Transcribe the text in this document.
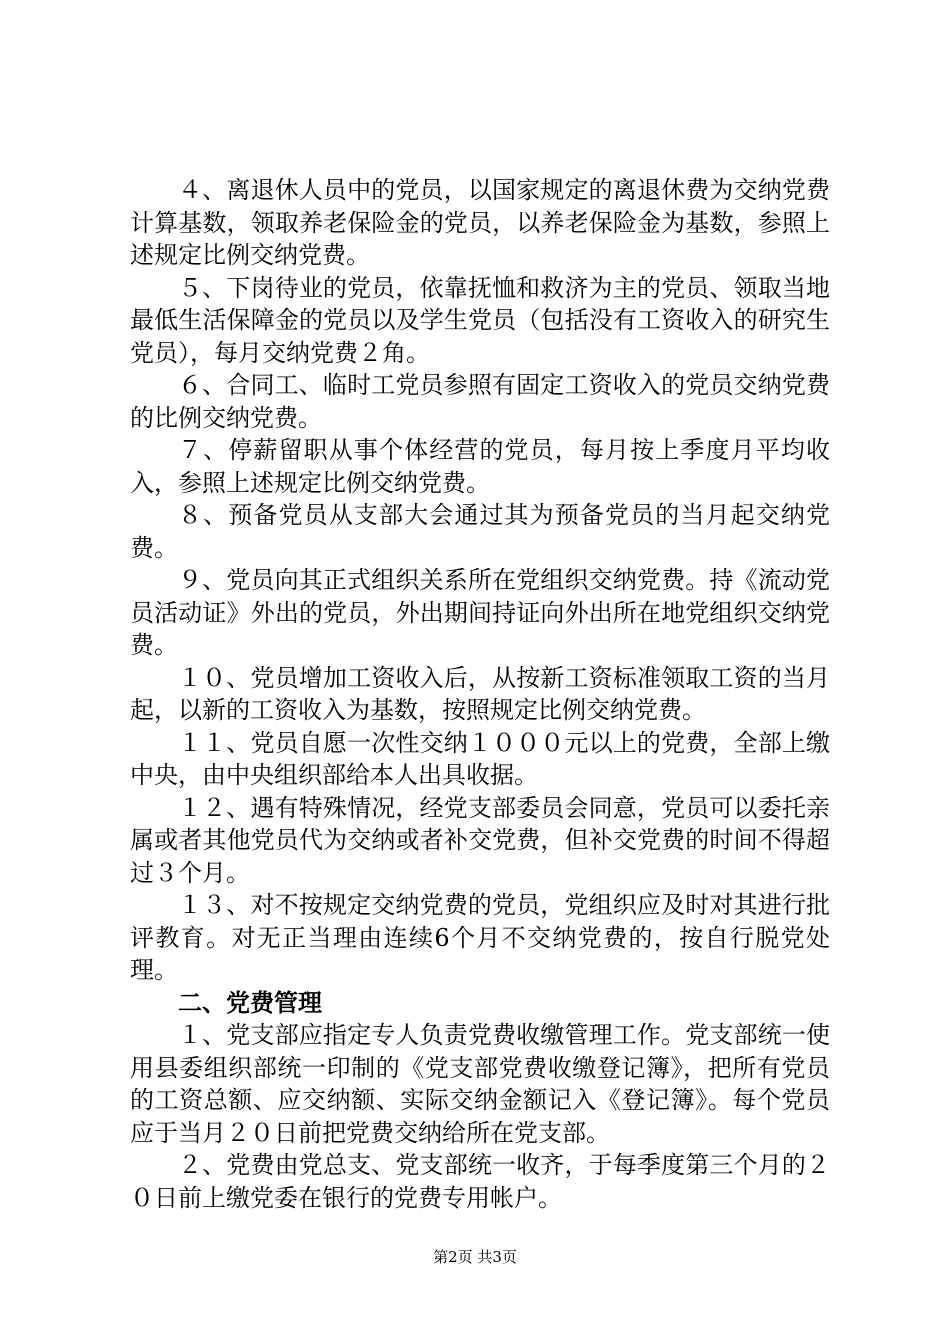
４、离退休人员中的党员，以国家规定的离退休费为交纳党费计算基数，领取养老保险金的党员，以养老保险金为基数，参照上述规定比例交纳党费。

５、下岗待业的党员，依靠抚恤和救济为主的党员、领取当地最低生活保障金的党员以及学生党员（包括没有工资收入的研究生党员），每月交纳党费２角。

６、合同工、临时工党员参照有固定工资收入的党员交纳党费的比例交纳党费。

７、停薪留职从事个体经营的党员，每月按上季度月平均收入，参照上述规定比例交纳党费。

８、预备党员从支部大会通过其为预备党员的当月起交纳党费。

９、党员向其正式组织关系所在党组织交纳党费。持《流动党员活动证》外出的党员，外出期间持证向外出所在地党组织交纳党费。

１０、党员增加工资收入后，从按新工资标准领取工资的当月起，以新的工资收入为基数，按照规定比例交纳党费。

１１、党员自愿一次性交纳１０００元以上的党费，全部上缴中央，由中央组织部给本人出具收据。

１２、遇有特殊情况，经党支部委员会同意，党员可以委托亲属或者其他党员代为交纳或者补交党费，但补交党费的时间不得超过３个月。

１３、对不按规定交纳党费的党员，党组织应及时对其进行批评教育。对无正当理由连续6个月不交纳党费的，按自行脱党处理。

二、党费管理

１、党支部应指定专人负责党费收缴管理工作。党支部统一使用县委组织部统一印制的《党支部党费收缴登记簿》，把所有党员的工资总额、应交纳额、实际交纳金额记入《登记簿》。每个党员应于当月２０日前把党费交纳给所在党支部。

２、党费由党总支、党支部统一收齐，于每季度第三个月的２０日前上缴党委在银行的党费专用帐户。

第2页 共3页
